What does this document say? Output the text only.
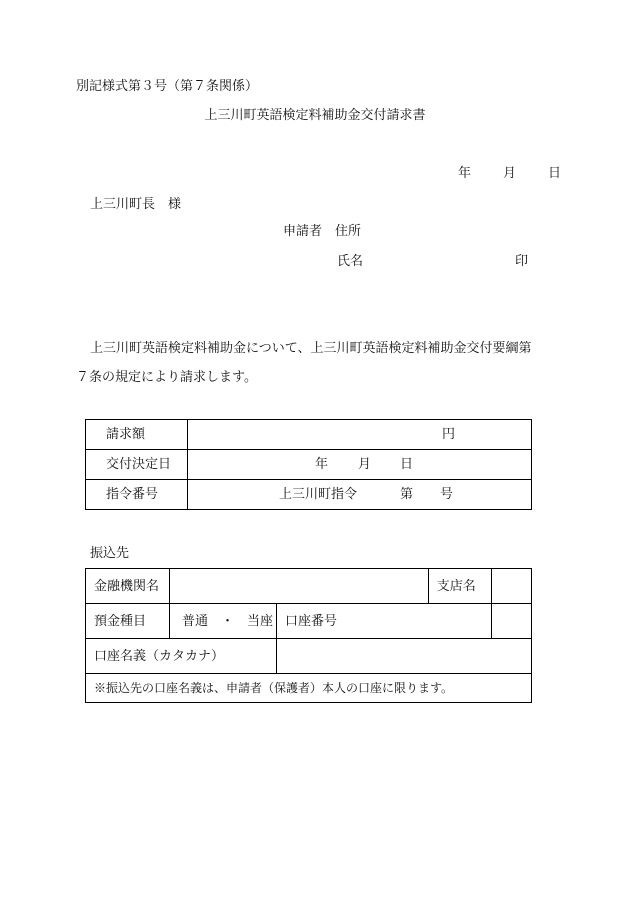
別記様式第３号（第７条関係）
上三川町英語検定料補助金交付請求書
年 月 日
上三川町長　様
申請者　住所
氏名	印
上三川町英語検定料補助金について、上三川町英語検定料補助金交付要綱第
７条の規定により請求します。
請求額	円

交付決定日	年 月 日

指令番号	上三川町指令 第 号
振込先
金融機関名			支店名	
預金種目	普通　・　当座	口座番号		
口座名義（カタカナ）				
※振込先の口座名義は、申請者（保護者）本人の口座に限ります。				
